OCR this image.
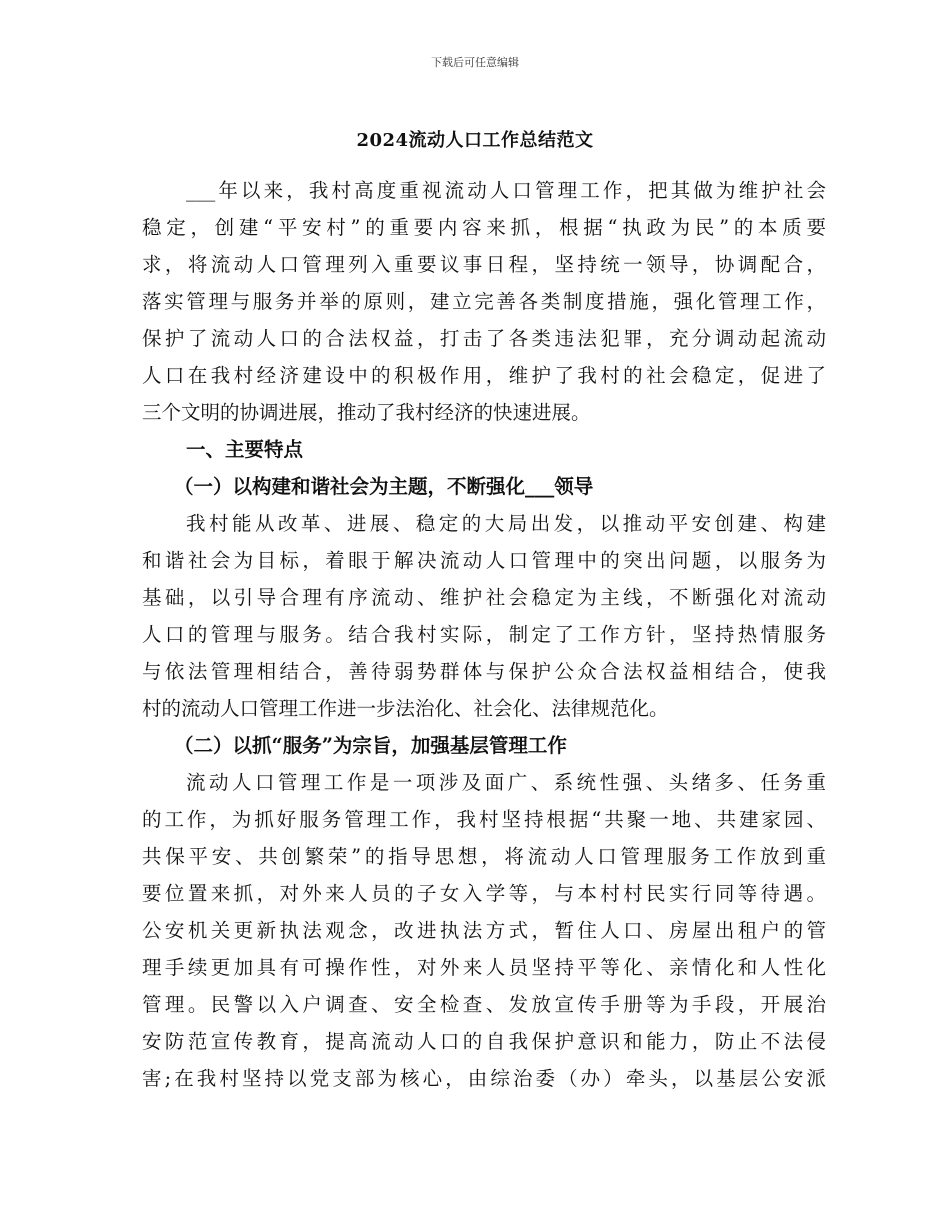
下载后可任意编辑
2024流动人口工作总结范文
___年以来，我村高度重视流动人口管理工作，把其做为维护社会
稳定，创建“平安村”的重要内容来抓，根据“执政为民”的本质要
求，将流动人口管理列入重要议事日程，坚持统一领导，协调配合，
落实管理与服务并举的原则，建立完善各类制度措施，强化管理工作，
保护了流动人口的合法权益，打击了各类违法犯罪，充分调动起流动
人口在我村经济建设中的积极作用，维护了我村的社会稳定，促进了
三个文明的协调进展，推动了我村经济的快速进展。
一、主要特点
（一）以构建和谐社会为主题，不断强化___领导
我村能从改革、进展、稳定的大局出发，以推动平安创建、构建
和谐社会为目标，着眼于解决流动人口管理中的突出问题，以服务为
基础，以引导合理有序流动、维护社会稳定为主线，不断强化对流动
人口的管理与服务。结合我村实际，制定了工作方针，坚持热情服务
与依法管理相结合，善待弱势群体与保护公众合法权益相结合，使我
村的流动人口管理工作进一步法治化、社会化、法律规范化。
（二）以抓“服务”为宗旨，加强基层管理工作
流动人口管理工作是一项涉及面广、系统性强、头绪多、任务重
的工作，为抓好服务管理工作，我村坚持根据“共聚一地、共建家园、
共保平安、共创繁荣”的指导思想，将流动人口管理服务工作放到重
要位置来抓，对外来人员的子女入学等，与本村村民实行同等待遇。
公安机关更新执法观念，改进执法方式，暂住人口、房屋出租户的管
理手续更加具有可操作性，对外来人员坚持平等化、亲情化和人性化
管理。民警以入户调查、安全检查、发放宣传手册等为手段，开展治
安防范宣传教育，提高流动人口的自我保护意识和能力，防止不法侵
害;在我村坚持以党支部为核心，由综治委（办）牵头，以基层公安派
